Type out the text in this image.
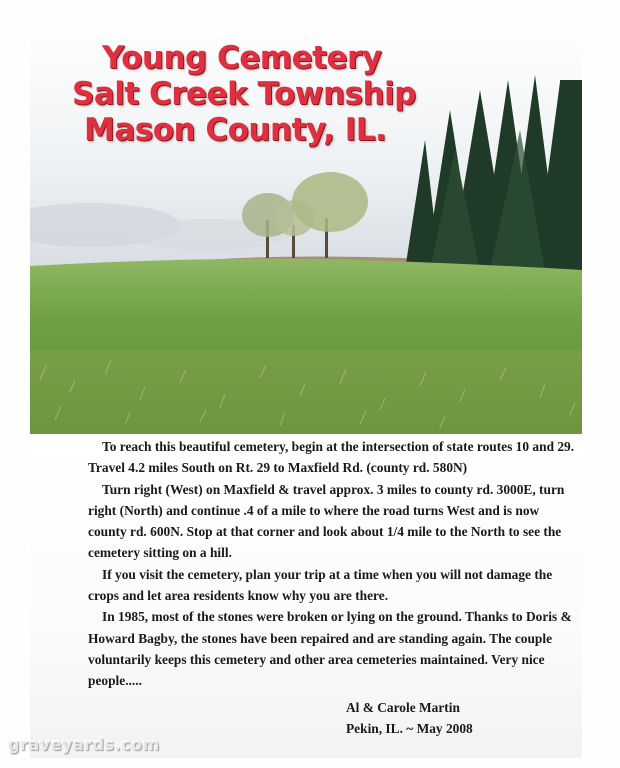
Young Cemetery
Salt Creek Township
Mason County, IL.

To reach this beautiful cemetery, begin at the intersection of state routes 10 and 29. Travel 4.2 miles South on Rt. 29 to Maxfield Rd. (county rd. 580N)

Turn right (West) on Maxfield & travel approx. 3 miles to county rd. 3000E, turn right (North) and continue .4 of a mile to where the road turns West and is now county rd. 600N. Stop at that corner and look about 1/4 mile to the North to see the cemetery sitting on a hill.

If you visit the cemetery, plan your trip at a time when you will not damage the crops and let area residents know why you are there.

In 1985, most of the stones were broken or lying on the ground. Thanks to Doris & Howard Bagby, the stones have been repaired and are standing again. The couple voluntarily keeps this cemetery and other area cemeteries maintained. Very nice people.....

Al & Carole Martin
Pekin, IL. ~ May 2008
graveyards.com
